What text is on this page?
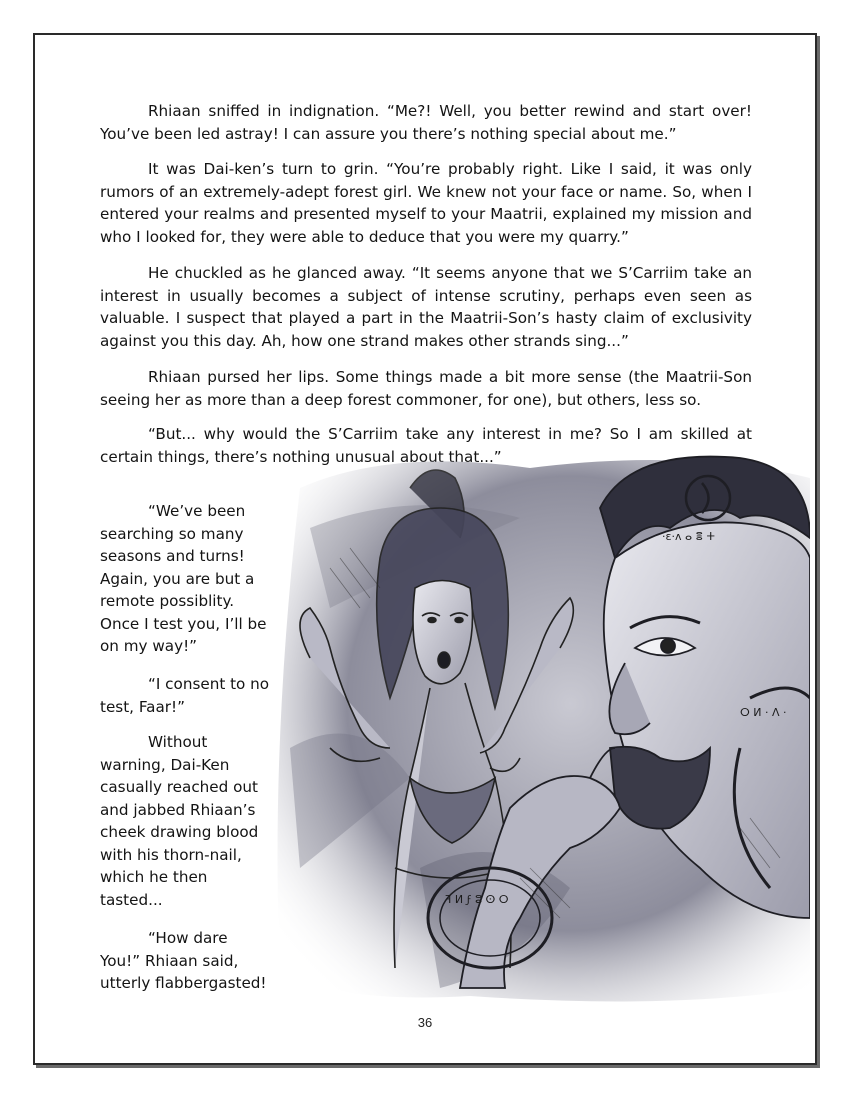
Rhiaan sniffed in indignation. “Me?! Well, you better rewind and start over! You’ve been led astray! I can assure you there’s nothing special about me.”

It was Dai-ken’s turn to grin. “You’re probably right. Like I said, it was only rumors of an extremely-adept forest girl. We knew not your face or name. So, when I entered your realms and presented myself to your Maatrii, explained my mission and who I looked for, they were able to deduce that you were my quarry.”

He chuckled as he glanced away. “It seems anyone that we S’Carriim take an interest in usually becomes a subject of intense scrutiny, perhaps even seen as valuable. I suspect that played a part in the Maatrii-Son’s hasty claim of exclusivity against you this day. Ah, how one strand makes other strands sing...”

Rhiaan pursed her lips. Some things made a bit more sense (the Maatrii-Son seeing her as more than a deep forest commoner, for one), but others, less so.

“But... why would the S’Carriim take any interest in me? So I am skilled at certain things, there’s nothing unusual about that...”

“We’ve been searching so many seasons and turns! Again, you are but a remote possiblity. Once I test you, I’ll be on my way!”

“I consent to no test, Faar!”

Without warning, Dai-Ken casually reached out and jabbed Rhiaan’s cheek drawing blood with his thorn-nail, which he then tasted...

“How dare You!” Rhiaan said, utterly flabbergasted!

·ɛ·ʌ ⴰ ⴻ ⵜ
ꟻ ⵍ ϝ ⵓ ⵙ ⵔ
ⵔ ⵍ · ⴷ ·
36
